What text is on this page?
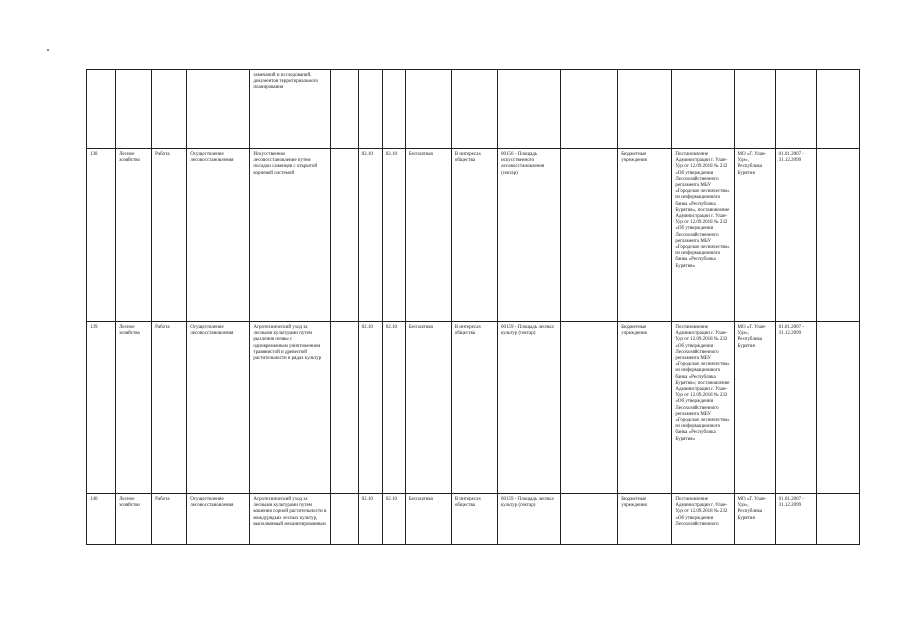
				замечаний и исследований, документов территориального планирования												
138	Лесное хозяйство	Работа	Осуществление лесовосстановления	Искусственное лесовосстановление путем посадки саженцев с открытой корневой системой		02.10	02.10	Бесплатная	В интересах общества	00156 - Площадь искусственного лесовосстановления (гектар)		Бюджетные учреждения	Постановление Администрации г. Улан-Удэ от 12.09.2018 № 232 «Об утверждении Лесохозяйственного регламента МБУ «Городское лесничество» из информационного банка «Республика Бурятия», постановление Администрации г. Улан-Удэ от 12.09.2018 № 232 «Об утверждении Лесохозяйственного регламента МБУ «Городское лесничество» из информационного банка «Республика Бурятия»	МО «Г. Улан-Удэ», Республика Бурятия	01.01.2007 - 31.12.2099	
139	Лесное хозяйство	Работа	Осуществление лесовосстановления	Агротехнический уход за лесными культурами путем рыхления почвы с одновременным уничтожением травянистой и древесной растительности в рядах культур		02.10	02.10	Бесплатная	В интересах общества	00159 - Площадь лесных культур (гектар)		Бюджетные учреждения	Постановление Администрации г. Улан-Удэ от 12.09.2018 № 232 «Об утверждении Лесохозяйственного регламента МБУ «Городское лесничество» из информационного банка «Республика Бурятия»; постановление Администрации г. Улан-Удэ от 12.09.2018 № 232 «Об утверждении Лесохозяйственного регламента МБУ «Городское лесничество» из информационного банка «Республика Бурятия»	МО «Г. Улан-Удэ», Республика Бурятия	01.01.2007 - 31.12.2099	
140	Лесное хозяйство	Работа	Осуществление лесовосстановления	Агротехнический уход за лесными культурами путем кошения сорной растительности в междурядьях лесных культур, выполняемый механизированным		02.10	02.10	Бесплатная	В интересах общества	00159 - Площадь лесных культур (гектар)		Бюджетные учреждения	Постановление Администрации г. Улан-Удэ от 12.09.2018 № 232 «Об утверждении Лесохозяйственного	МО «Г. Улан-Удэ», Республика Бурятия	01.01.2007 - 31.12.2099	
